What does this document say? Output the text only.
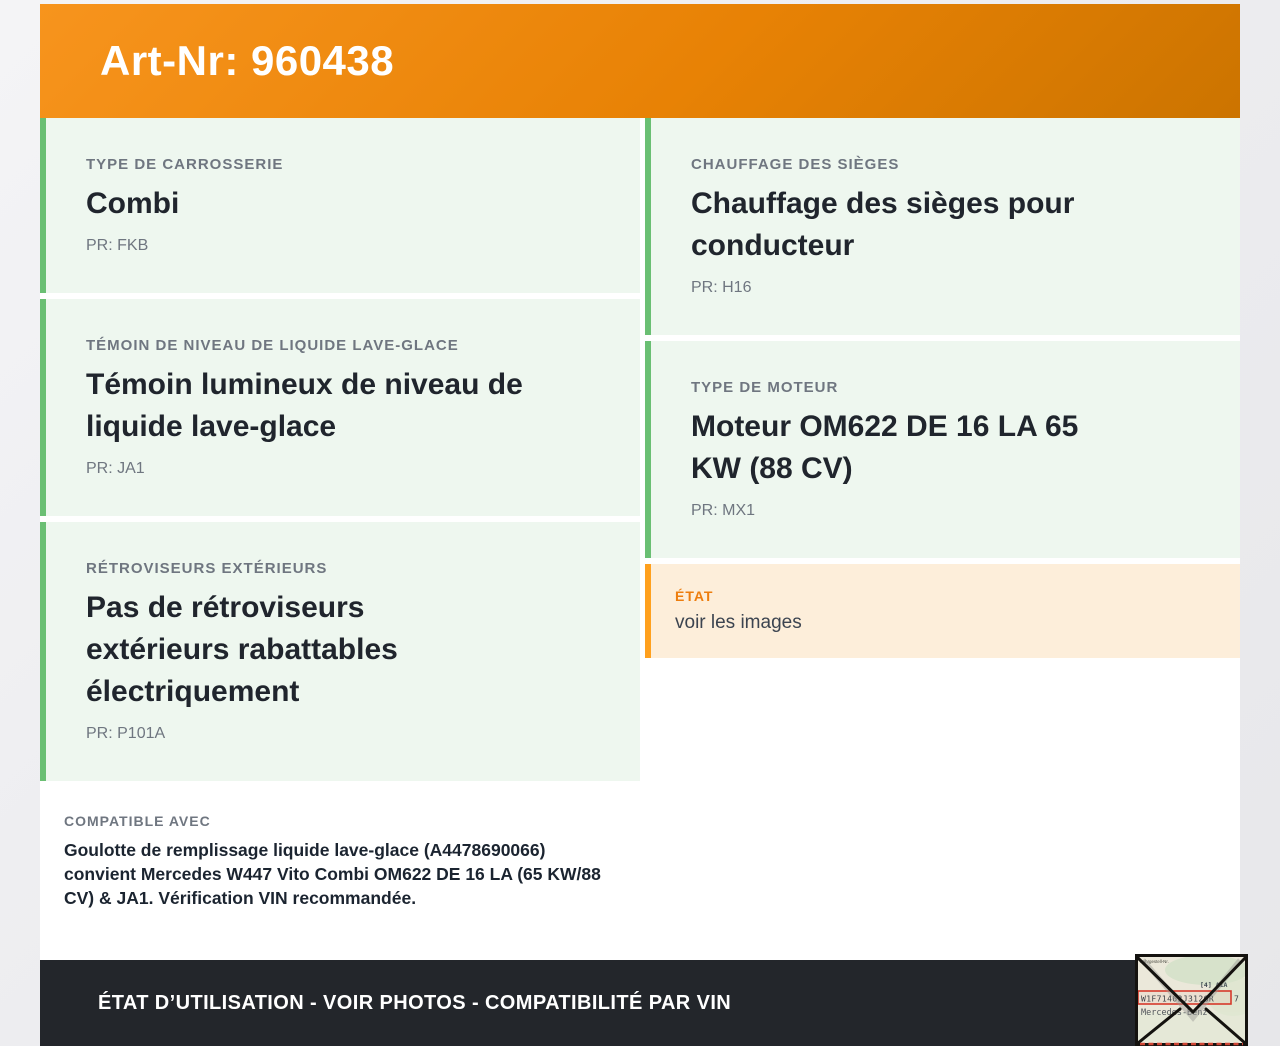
Art-Nr: 960438
TYPE DE CARROSSERIE
Combi
PR: FKB
TÉMOIN DE NIVEAU DE LIQUIDE LAVE-GLACE
Témoin lumineux de niveau de liquide lave-glace
PR: JA1
RÉTROVISEURS EXTÉRIEURS
Pas de rétroviseurs extérieurs rabattables électriquement
PR: P101A
COMPATIBLE AVEC
Goulotte de remplissage liquide lave-glace (A4478690066) convient Mercedes W447 Vito Combi OM622 DE 16 LA (65 KW/88 CV) & JA1. Vérification VIN recommandée.
CHAUFFAGE DES SIÈGES
Chauffage des sièges pour conducteur
PR: H16
TYPE DE MOTEUR
Moteur OM622 DE 16 LA 65 KW (88 CV)
PR: MX1
ÉTAT
voir les images
ÉTAT D’UTILISATION - VOIR PHOTOS - COMPATIBILITÉ PAR VIN
Fahrgestell-Nr.
[4] AiA
W1F71463J312GR 7
Mercedes-Benz
